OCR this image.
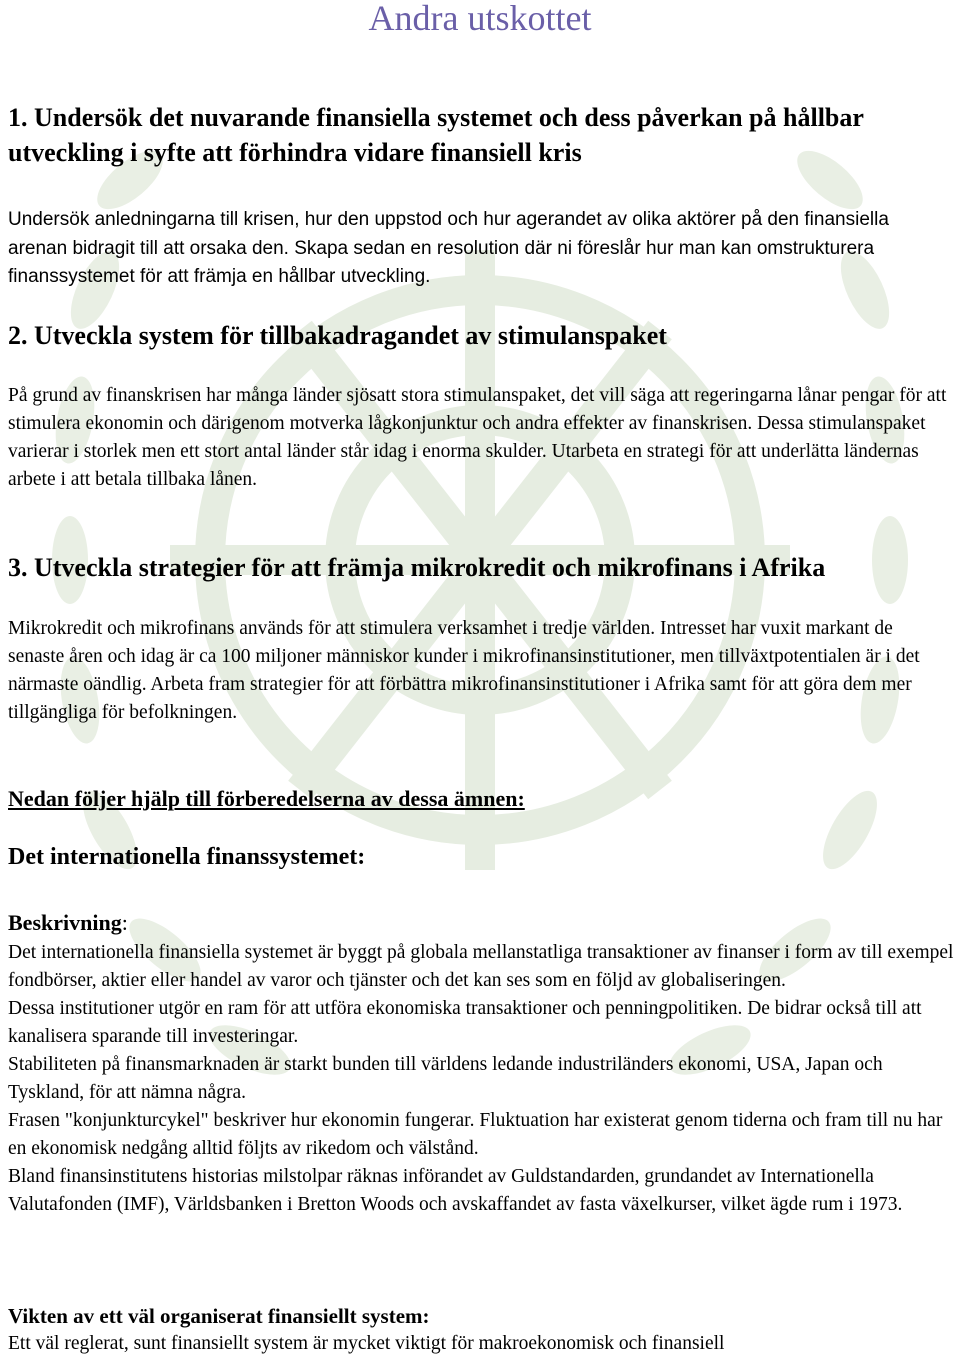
Andra utskottet
1. Undersök det nuvarande finansiella systemet och dess påverkan på hållbar utveckling i syfte att förhindra vidare finansiell kris
Undersök anledningarna till krisen, hur den uppstod och hur agerandet av olika aktörer på den finansiella arenan bidragit till att orsaka den. Skapa sedan en resolution där ni föreslår hur man kan omstrukturera finanssystemet för att främja en hållbar utveckling.
2. Utveckla system för tillbakadragandet av stimulanspaket
På grund av finanskrisen har många länder sjösatt stora stimulanspaket, det vill säga att regeringarna lånar pengar för att stimulera ekonomin och därigenom motverka lågkonjunktur och andra effekter av finanskrisen. Dessa stimulanspaket varierar i storlek men ett stort antal länder står idag i enorma skulder. Utarbeta en strategi för att underlätta ländernas arbete i att betala tillbaka lånen.
3. Utveckla strategier för att främja mikrokredit och mikrofinans i Afrika
Mikrokredit och mikrofinans används för att stimulera verksamhet i tredje världen. Intresset har vuxit markant de senaste åren och idag är ca 100 miljoner människor kunder i mikrofinansinstitutioner, men tillväxtpotentialen är i det närmaste oändlig. Arbeta fram strategier för att förbättra mikrofinansinstitutioner i Afrika samt för att göra dem mer tillgängliga för befolkningen.
Nedan följer hjälp till förberedelserna av dessa ämnen:
Det internationella finanssystemet:
Beskrivning:
Det internationella finansiella systemet är byggt på globala mellanstatliga transaktioner av finanser i form av till exempel fondbörser, aktier eller handel av varor och tjänster och det kan ses som en följd av globaliseringen.
Dessa institutioner utgör en ram för att utföra ekonomiska transaktioner och penningpolitiken. De bidrar också till att kanalisera sparande till investeringar.
Stabiliteten på finansmarknaden är starkt bunden till världens ledande industriländers ekonomi, USA, Japan och Tyskland, för att nämna några.
Frasen "konjunkturcykel" beskriver hur ekonomin fungerar. Fluktuation har existerat genom tiderna och fram till nu har en ekonomisk nedgång alltid följts av rikedom och välstånd.
Bland finansinstitutens historias milstolpar räknas införandet av Guldstandarden, grundandet av Internationella Valutafonden (IMF), Världsbanken i Bretton Woods och avskaffandet av fasta växelkurser, vilket ägde rum i 1973.
Vikten av ett väl organiserat finansiellt system:
Ett väl reglerat, sunt finansiellt system är mycket viktigt för makroekonomisk och finansiell
